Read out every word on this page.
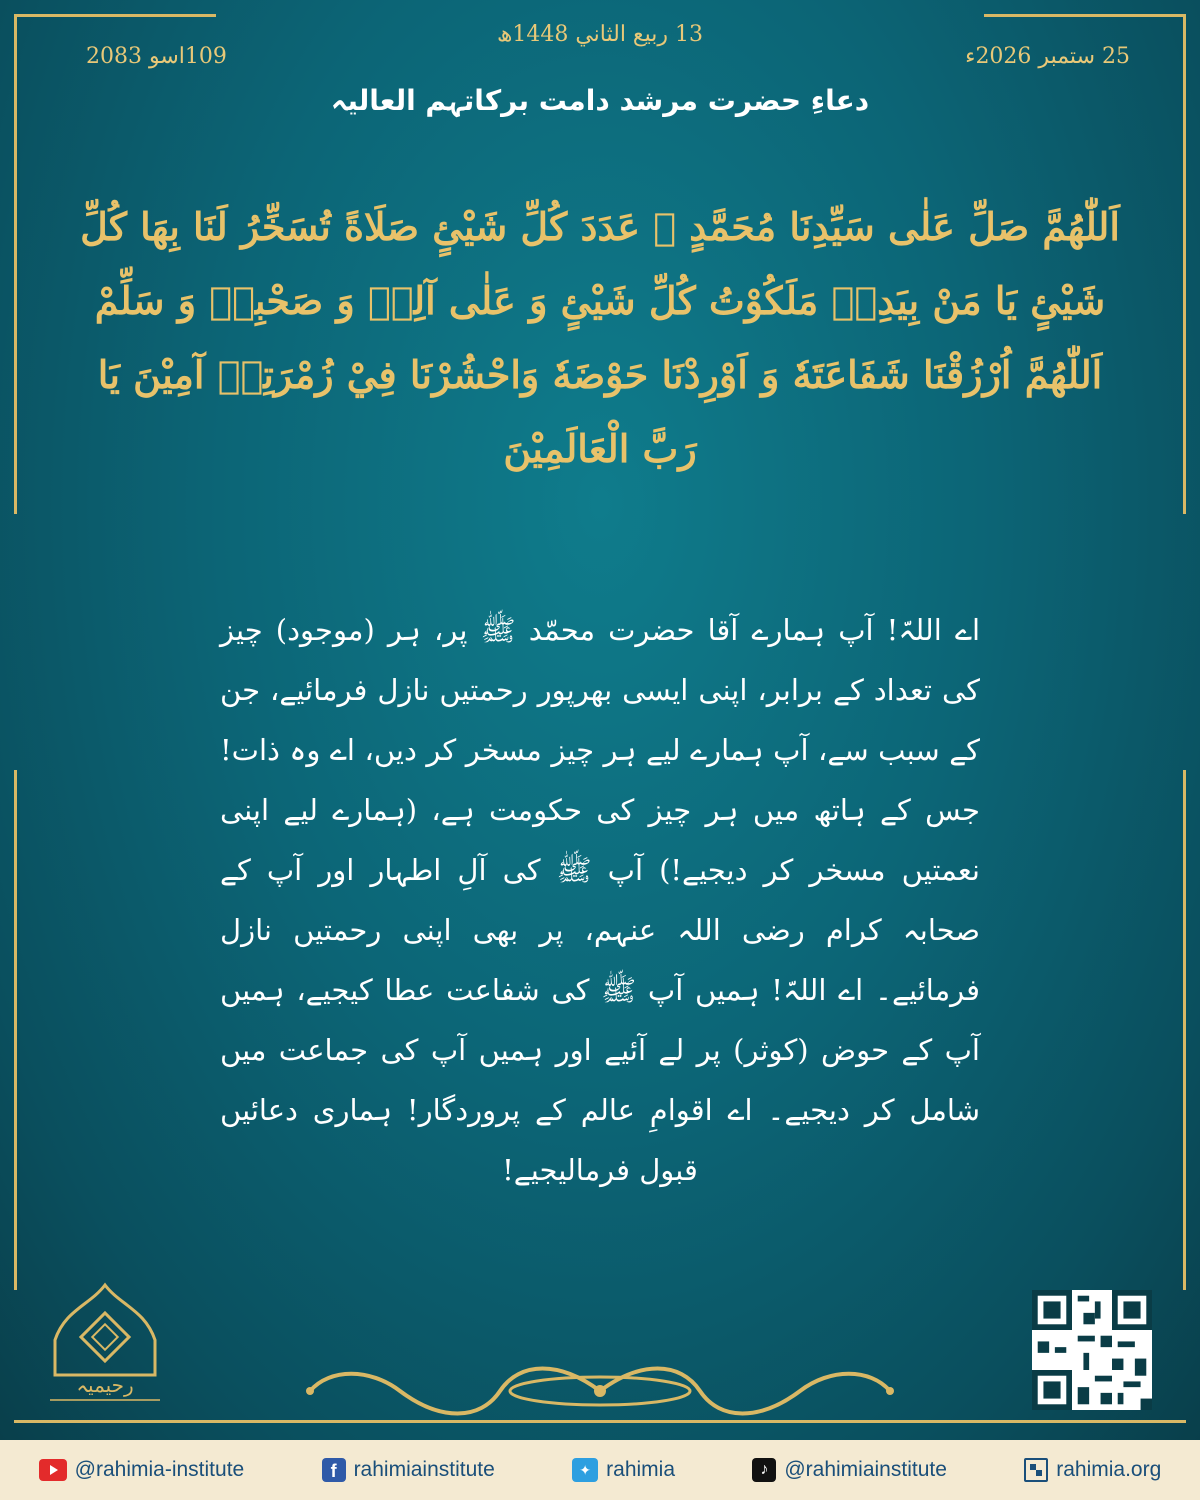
13 ربيع الثاني 1448ھ
25 ستمبر 2026ء
109اسو 2083
دعاءِ حضرت مرشد دامت برکاتہم العالیہ
اَللّٰهُمَّ صَلِّ عَلٰى سَيِّدِنَا مُحَمَّدٍ ﷺ عَدَدَ كُلِّ شَيْئٍ صَلَاةً تُسَخِّرُ لَنَا بِهَا كُلِّ شَيْئٍ يَا مَنْ بِيَدِهٖ مَلَكُوْتُ كُلِّ شَيْئٍ وَ عَلٰى آلِهٖ وَ صَحْبِهٖ وَ سَلِّمْ اَللّٰهُمَّ اُرْزُقْنَا شَفَاعَتَهٗ وَ اَوْرِدْنَا حَوْضَهٗ وَاحْشُرْنَا فِيْ زُمْرَتِهٖ آمِيْنَ يَا رَبَّ الْعَالَمِيْنَ
اے اللہّ! آپ ہمارے آقا حضرت محمّد ﷺ پر، ہر (موجود) چیز کی تعداد کے برابر، اپنی ایسی بھرپور رحمتیں نازل فرمائیے، جن کے سبب سے، آپ ہمارے لیے ہر چیز مسخر کر دیں، اے وہ ذات! جس کے ہاتھ میں ہر چیز کی حکومت ہے، (ہمارے لیے اپنی نعمتیں مسخر کر دیجیے!) آپ ﷺ کی آلِ اطہار اور آپ کے صحابہ کرام رضی اللہ عنہم، پر بھی اپنی رحمتیں نازل فرمائیے۔ اے اللہّ! ہمیں آپ ﷺ کی شفاعت عطا کیجیے، ہمیں آپ کے حوض (کوثر) پر لے آئیے اور ہمیں آپ کی جماعت میں شامل کر دیجیے۔ اے اقوامِ عالم کے پروردگار! ہماری دعائیں قبول فرمالیجیے!
رحیمیہ
@rahimia-institute	f rahimiainstitute	✦ rahimia	♪ @rahimiainstitute	rahimia.org
